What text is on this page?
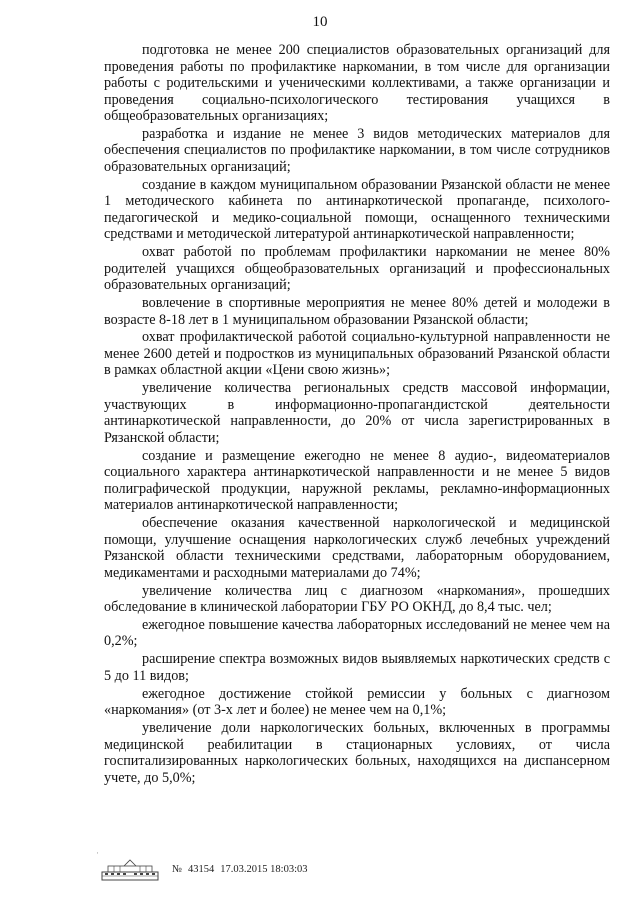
10

подготовка не менее 200 специалистов образовательных организаций для проведения работы по профилактике наркомании, в том числе для организации работы с родительскими и ученическими коллективами, а также организации и проведения социально-психологического тестирования учащихся в общеобразовательных организациях;

разработка и издание не менее 3 видов методических материалов для обеспечения специалистов по профилактике наркомании, в том числе сотрудников образовательных организаций;

создание в каждом муниципальном образовании Рязанской области не менее 1 методического кабинета по антинаркотической пропаганде, психолого-педагогической и медико-социальной помощи, оснащенного техническими средствами и методической литературой антинаркотической направленности;

охват работой по проблемам профилактики наркомании не менее 80% родителей учащихся общеобразовательных организаций и профессиональных образовательных организаций;

вовлечение в спортивные мероприятия не менее 80% детей и молодежи в возрасте 8-18 лет в 1 муниципальном образовании Рязанской области;

охват профилактической работой социально-культурной направленности не менее 2600 детей и подростков из муниципальных образований Рязанской области в рамках областной акции «Цени свою жизнь»;

увеличение количества региональных средств массовой информации, участвующих в информационно-пропагандистской деятельности антинаркотической направленности, до 20% от числа зарегистрированных в Рязанской области;

создание и размещение ежегодно не менее 8 аудио-, видеоматериалов социального характера антинаркотической направленности и не менее 5 видов полиграфической продукции, наружной рекламы, рекламно-информационных материалов антинаркотической направленности;

обеспечение оказания качественной наркологической и медицинской помощи, улучшение оснащения наркологических служб лечебных учреждений Рязанской области техническими средствами, лабораторным оборудованием, медикаментами и расходными материалами до 74%;

увеличение количества лиц с диагнозом «наркомания», прошедших обследование в клинической лаборатории ГБУ РО ОКНД, до 8,4 тыс. чел;

ежегодное повышение качества лабораторных исследований не менее чем на 0,2%;

расширение спектра возможных видов выявляемых наркотических средств с 5 до 11 видов;

ежегодное достижение стойкой ремиссии у больных с диагнозом «наркомания» (от 3-х лет и более) не менее чем на 0,1%;

увеличение доли наркологических больных, включенных в программы медицинской реабилитации в стационарных условиях, от числа госпитализированных наркологических больных, находящихся на диспансерном учете, до 5,0%;

·
№ 43154 17.03.2015 18:03:03
